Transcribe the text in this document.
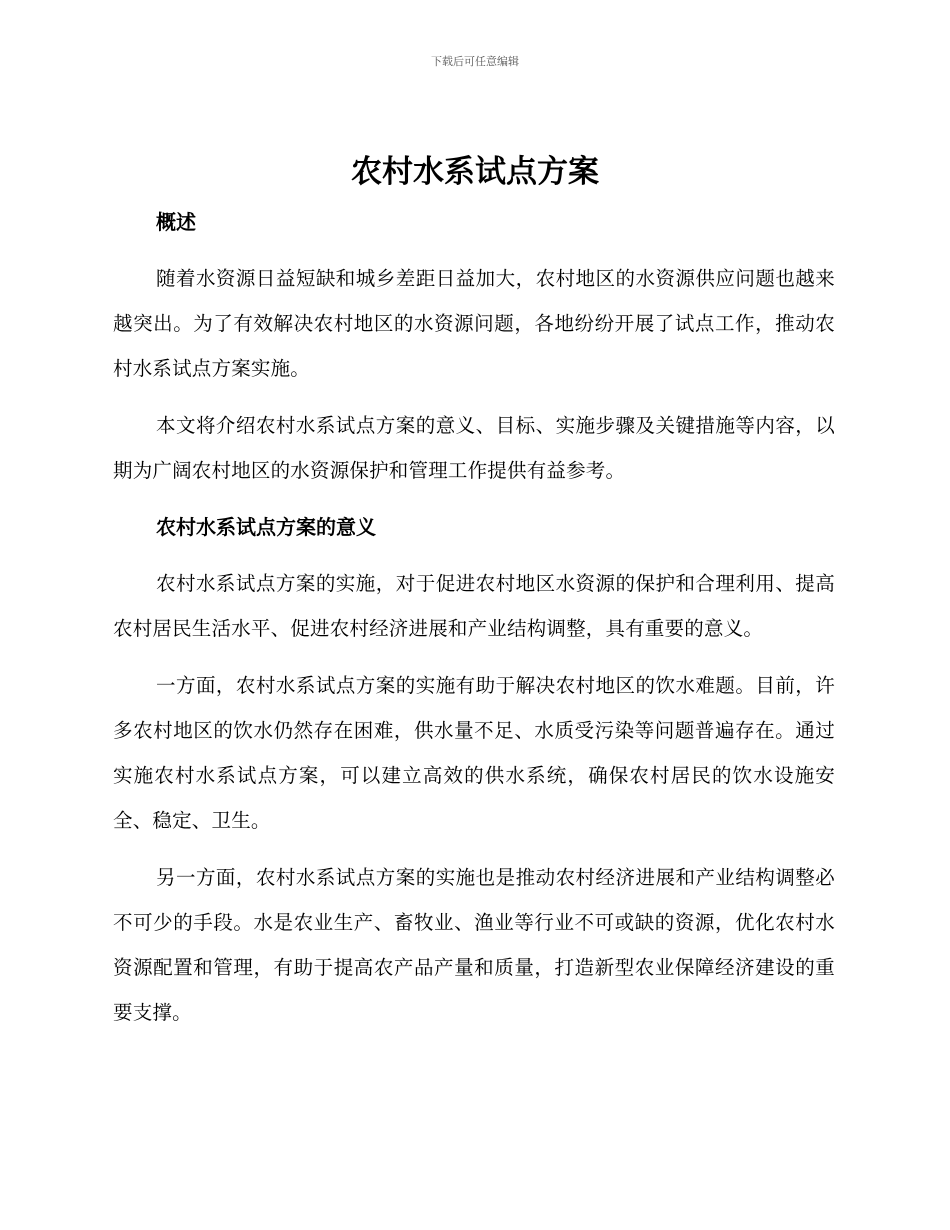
下载后可任意编辑
农村水系试点方案
概述

随着水资源日益短缺和城乡差距日益加大，农村地区的水资源供应问题也越来越突出。为了有效解决农村地区的水资源问题，各地纷纷开展了试点工作，推动农村水系试点方案实施。

本文将介绍农村水系试点方案的意义、目标、实施步骤及关键措施等内容，以期为广阔农村地区的水资源保护和管理工作提供有益参考。

农村水系试点方案的意义

农村水系试点方案的实施，对于促进农村地区水资源的保护和合理利用、提高农村居民生活水平、促进农村经济进展和产业结构调整，具有重要的意义。

一方面，农村水系试点方案的实施有助于解决农村地区的饮水难题。目前，许多农村地区的饮水仍然存在困难，供水量不足、水质受污染等问题普遍存在。通过实施农村水系试点方案，可以建立高效的供水系统，确保农村居民的饮水设施安全、稳定、卫生。

另一方面，农村水系试点方案的实施也是推动农村经济进展和产业结构调整必不可少的手段。水是农业生产、畜牧业、渔业等行业不可或缺的资源，优化农村水资源配置和管理，有助于提高农产品产量和质量，打造新型农业保障经济建设的重要支撑。
